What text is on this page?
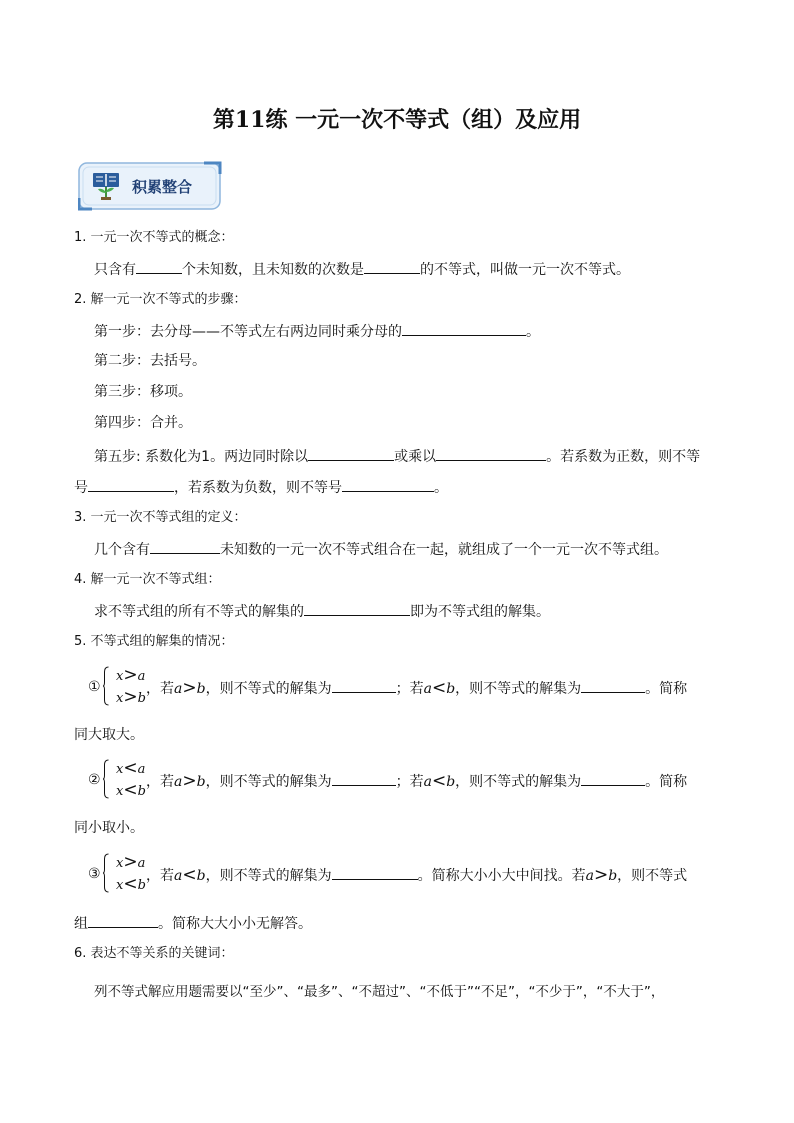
第11练 一元一次不等式（组）及应用
积累整合
1. 一元一次不等式的概念：
只含有	个未知数，且未知数的次数是	的不等式，叫做一元一次不等式。
2. 解一元一次不等式的步骤：
第一步：去分母——不等式左右两边同时乘分母的	。
第二步：去括号。
第三步：移项。
第四步：合并。
第五步: 系数化为1。两边同时除以	或乘以	。若系数为正数，则不等
号	，若系数为负数，则不等号	。
3. 一元一次不等式组的定义：
几个含有	未知数的一元一次不等式组合在一起，就组成了一个一元一次不等式组。
4. 解一元一次不等式组：
求不等式组的所有不等式的解集的	即为不等式组的解集。
5. 不等式组的解集的情况：
①
x>a
x>b
，若a>b，则不等式的解集为	；若a<b，则不等式的解集为	。简称
同大取大。
②
x<a
x<b
，若a>b，则不等式的解集为	；若a<b，则不等式的解集为	。简称
同小取小。
③
x>a
x<b
，若a<b，则不等式的解集为	。简称大小小大中间找。若a>b，则不等式
组	。简称大大小小无解答。
6. 表达不等关系的关键词：
列不等式解应用题需要以“至少”、“最多”、“不超过”、“不低于”“不足”，“不少于”，“不大于”，
